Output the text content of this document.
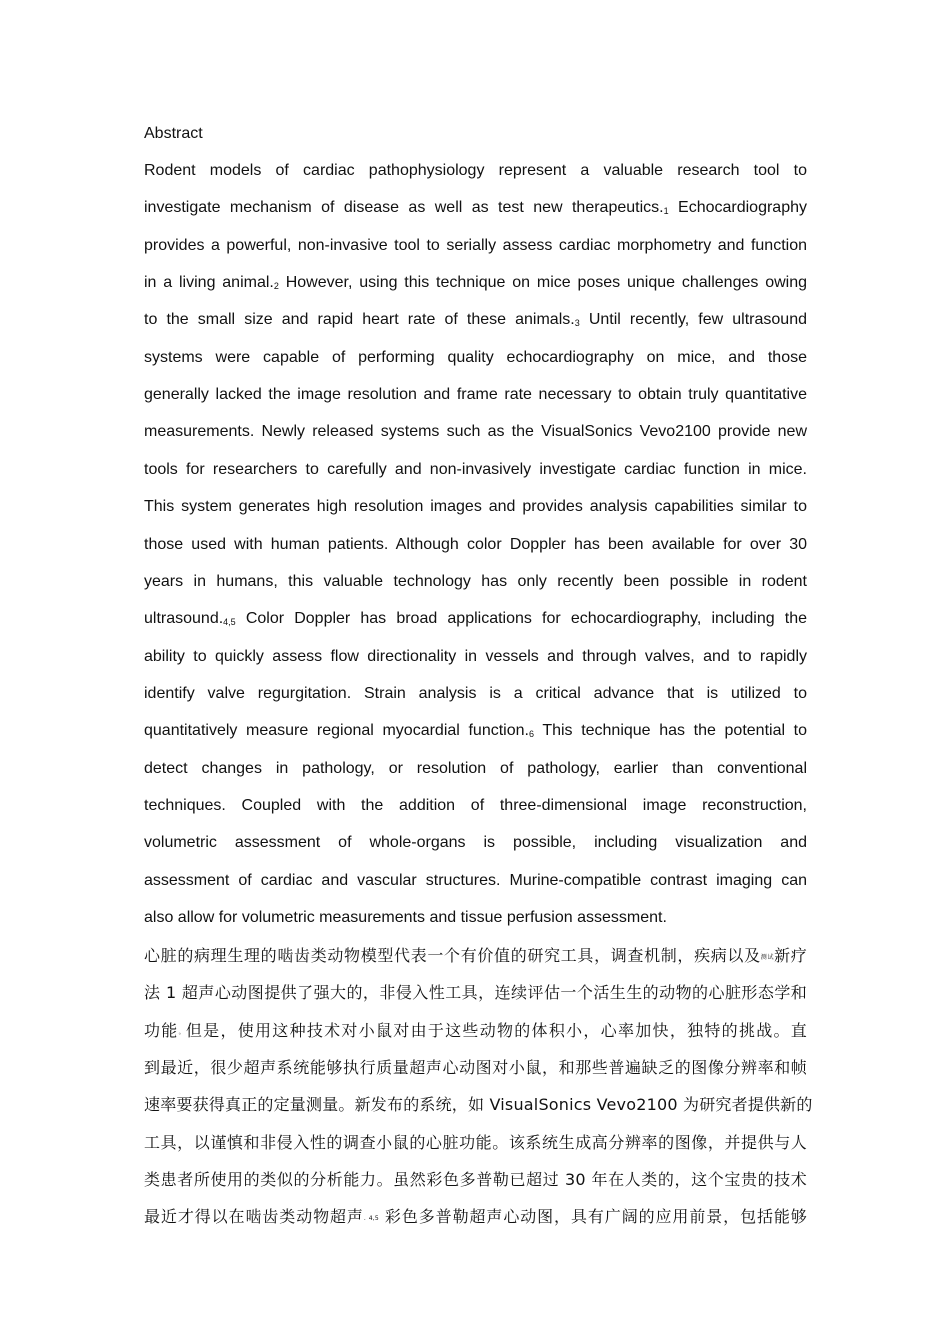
Abstract
Rodent models of cardiac pathophysiology represent a valuable research tool to
investigate mechanism of disease as well as test new therapeutics.1 Echocardiography
provides a powerful, non-invasive tool to serially assess cardiac morphometry and function
in a living animal.2 However, using this technique on mice poses unique challenges owing
to the small size and rapid heart rate of these animals.3 Until recently, few ultrasound
systems were capable of performing quality echocardiography on mice, and those
generally lacked the image resolution and frame rate necessary to obtain truly quantitative
measurements. Newly released systems such as the VisualSonics Vevo2100 provide new
tools for researchers to carefully and non-invasively investigate cardiac function in mice.
This system generates high resolution images and provides analysis capabilities similar to
those used with human patients. Although color Doppler has been available for over 30
years in humans, this valuable technology has only recently been possible in rodent
ultrasound.4,5 Color Doppler has broad applications for echocardiography, including the
ability to quickly assess flow directionality in vessels and through valves, and to rapidly
identify valve regurgitation. Strain analysis is a critical advance that is utilized to
quantitatively measure regional myocardial function.6 This technique has the potential to
detect changes in pathology, or resolution of pathology, earlier than conventional
techniques. Coupled with the addition of three-dimensional image reconstruction,
volumetric assessment of whole-organs is possible, including visualization and
assessment of cardiac and vascular structures. Murine-compatible contrast imaging can
also allow for volumetric measurements and tissue perfusion assessment.
心脏的病理生理的啮齿类动物模型代表一个有价值的研究工具，调查机制，疾病以及测试新疗
法 1 超声心动图提供了强大的，非侵入性工具，连续评估一个活生生的动物的心脏形态学和
功能。但是，使用这种技术对小鼠对由于这些动物的体积小，心率加快，独特的挑战。直
到最近，很少超声系统能够执行质量超声心动图对小鼠，和那些普遍缺乏的图像分辨率和帧
速率要获得真正的定量测量。新发布的系统，如 VisualSonics Vevo2100 为研究者提供新的
工具，以谨慎和非侵入性的调查小鼠的心脏功能。该系统生成高分辨率的图像，并提供与人
类患者所使用的类似的分析能力。虽然彩色多普勒已超过 30 年在人类的，这个宝贵的技术
最近才得以在啮齿类动物超声. 4,5 彩色多普勒超声心动图，具有广阔的应用前景，包括能够
